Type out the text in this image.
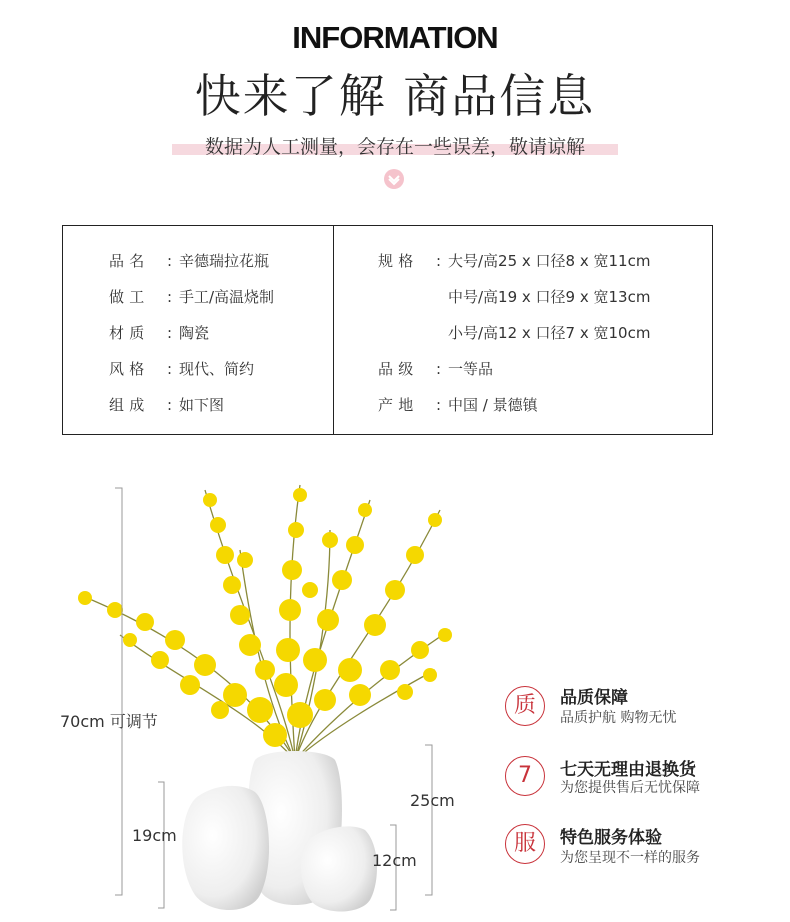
INFORMATION
快来了解 商品信息
数据为人工测量，会存在一些误差，敬请谅解
品名 : 辛德瑞拉花瓶
做工 : 手工/高温烧制
材质 : 陶瓷
风格 : 现代、简约
组成 : 如下图
规格 : 大号/高25 x 口径8 x 宽11cm
中号/高19 x 口径9 x 宽13cm
小号/高12 x 口径7 x 宽10cm
品级 : 一等品
产地 : 中国 / 景德镇
70cm 可调节
25cm
19cm
12cm
质	品质保障
品质护航 购物无忧
7	七天无理由退换货
为您提供售后无忧保障
服	特色服务体验
为您呈现不一样的服务
